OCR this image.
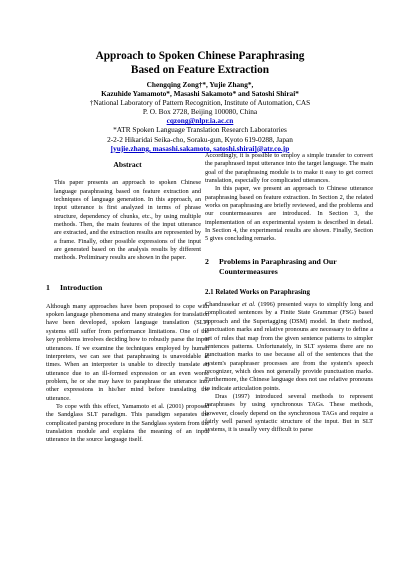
Approach to Spoken Chinese Paraphrasing
Based on Feature Extraction
Chengqing Zong†*, Yujie Zhang*,
Kazuhide Yamamoto*, Masashi Sakamoto* and Satoshi Shirai*
†National Laboratory of Pattern Recognition, Institute of Automation, CAS
P. O. Box 2728, Beijing 100080, China
cqzong@nlpr.ia.ac.cn
*ATR Spoken Language Translation Research Laboratories
2-2-2 Hikaridai Seika-cho, Soraku-gun, Kyoto 619-0288, Japan
[yujie.zhang, masashi.sakamoto, satoshi.shirai]@atr.co.jp
Abstract

This paper presents an approach to spoken Chinese language paraphrasing based on feature extraction and techniques of language generation. In this approach, an input utterance is first analyzed in terms of phrase structure, dependency of chunks, etc., by using multiple methods. Then, the main features of the input utterance are extracted, and the extraction results are represented by a frame. Finally, other possible expressions of the input are generated based on the analysis results by different methods. Preliminary results are shown in the paper.

1	Introduction

Although many approaches have been proposed to cope with spoken language phenomena and many strategies for translation have been developed, spoken language translation (SLT) systems still suffer from performance limitations. One of the key problems involves deciding how to robustly parse the input utterances. If we examine the techniques employed by human interpreters, we can see that paraphrasing is unavoidable at times. When an interpreter is unable to directly translate an utterance due to an ill-formed expression or an even worse problem, he or she may have to paraphrase the utterance into other expressions in his/her mind before translating the utterance.

To cope with this effect, Yamamoto et al. (2001) proposed the Sandglass SLT paradigm. This paradigm separates the complicated parsing procedure in the Sandglass system from the translation module and explains the meaning of an input utterance in the source language itself.

Accordingly, it is possible to employ a simple transfer to convert the paraphrased input utterance into the target language. The main goal of the paraphrasing module is to make it easy to get correct translation, especially for complicated utterances.

In this paper, we present an approach to Chinese utterance paraphrasing based on feature extraction. In Section 2, the related works on paraphrasing are briefly reviewed, and the problems and our countermeasures are introduced. In Section 3, the implementation of an experimental system is described in detail. In Section 4, the experimental results are shown. Finally, Section 5 gives concluding remarks.

2	Problems in Paraphrasing and Our
Countermeasures
2.1 Related Works on Paraphrasing

Chandrasekar et al. (1996) presented ways to simplify long and complicated sentences by a Finite State Grammar (FSG) based approach and the Supertagging (DSM) model. In their method, punctuation marks and relative pronouns are necessary to define a set of rules that map from the given sentence patterns to simpler sentences patterns. Unfortunately, in SLT systems there are no punctuation marks to use because all of the sentences that the system's paraphraser processes are from the system's speech recognizer, which does not generally provide punctuation marks. Furthermore, the Chinese language does not use relative pronouns to indicate articulation points.

Dras (1997) introduced several methods to represent paraphrases by using synchronous TAGs. These methods, however, closely depend on the synchronous TAGs and require a fairly well parsed syntactic structure of the input. But in SLT systems, it is usually very difficult to parse
